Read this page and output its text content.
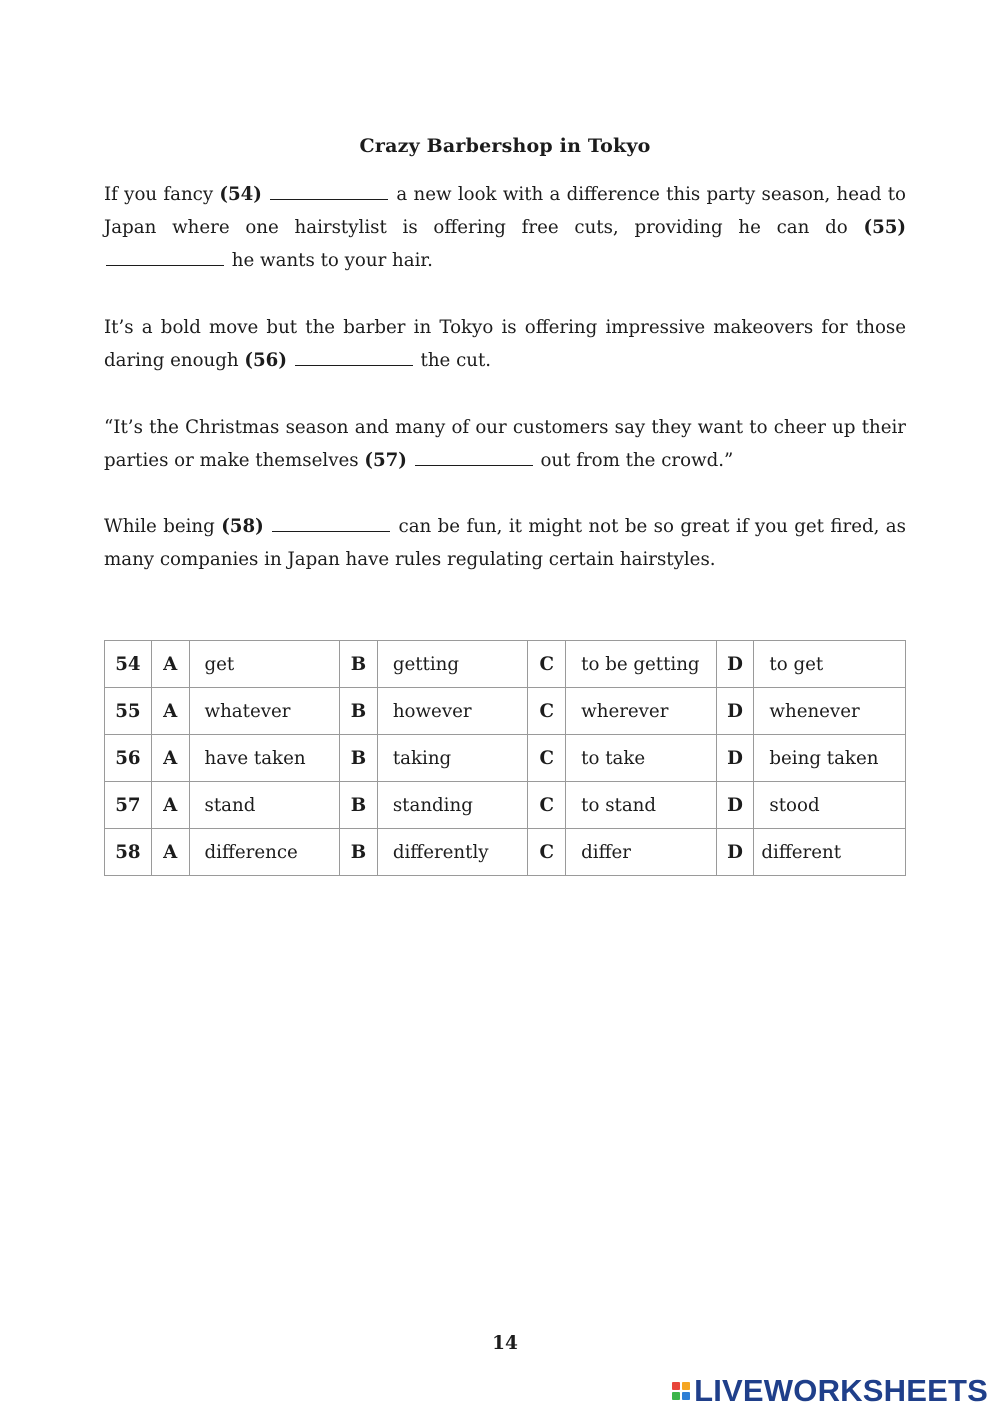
Crazy Barbershop in Tokyo

If you fancy (54)	a new look with a difference this party season, head to Japan where one hairstylist is offering free cuts, providing he can do (55)  he wants to your hair.

It’s a bold move but the barber in Tokyo is offering impressive makeovers for those daring enough (56)	the cut.

“It’s the Christmas season and many of our customers say they want to cheer up their parties or make themselves (57)	out from the crowd.”

While being (58)	can be fun, it might not be so great if you get fired, as many companies in Japan have rules regulating certain hairstyles.

54	A	get	B	getting	C	to be getting	D	to get
55	A	whatever	B	however	C	wherever	D	whenever
56	A	have taken	B	taking	C	to take	D	being taken
57	A	stand	B	standing	C	to stand	D	stood
58	A	difference	B	differently	C	differ	D	different
14
LIVEWORKSHEETS
